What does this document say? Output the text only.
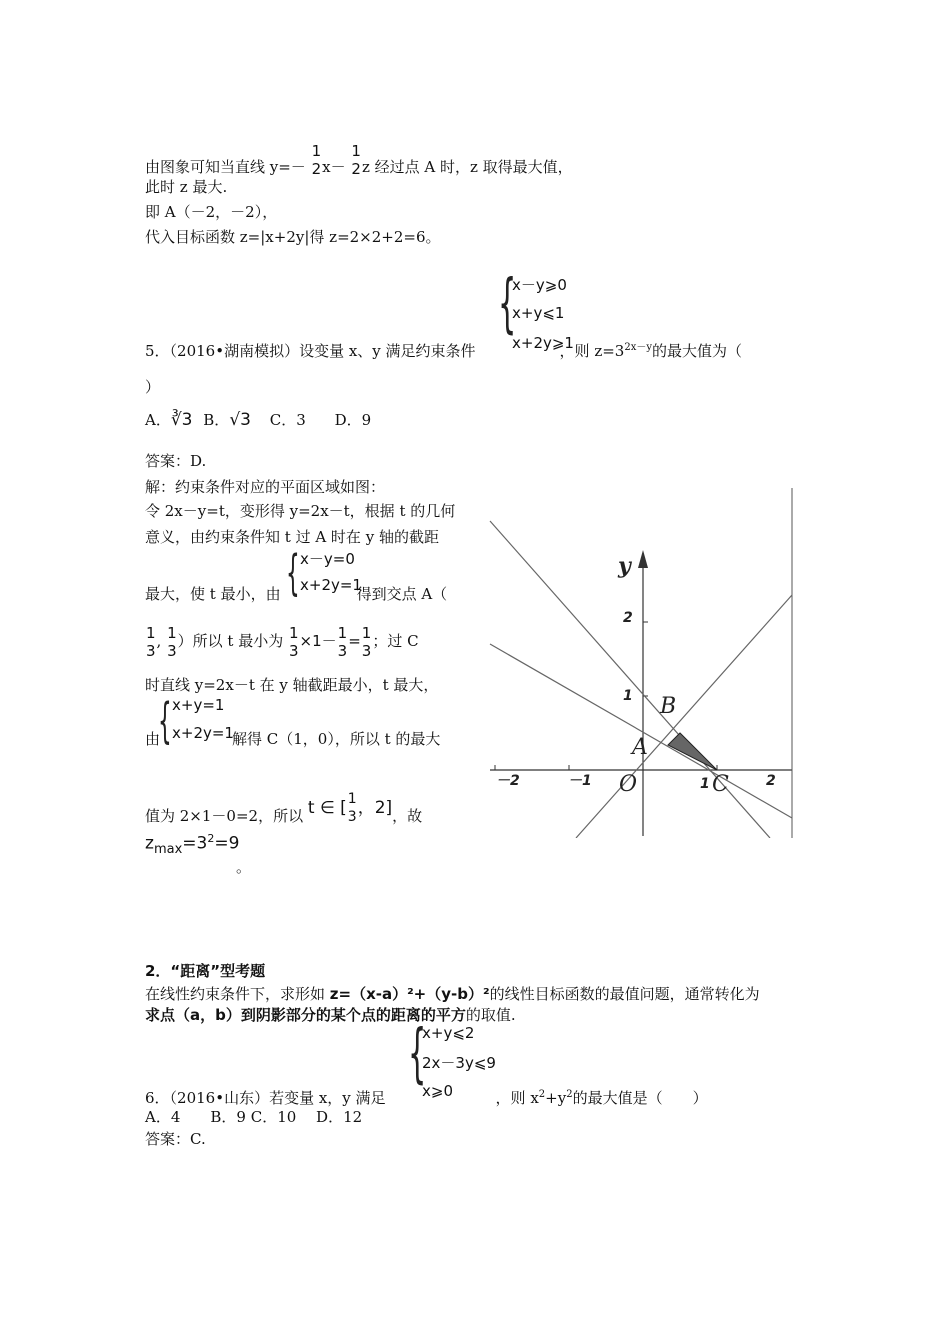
由图象可知当直线 y=－
1
2 x－
1
2 z 经过点 A 时，z 取得最大值，
此时 z 最大.
即 A（－2，－2），
代入目标函数 z=|x+2y|得 z=2×2+2=6。
{
x－y⩾0
x+y⩽1
x+2y⩾1
5．（2016•湖南模拟）设变量 x、y 满足约束条件	，则 $z=3^{2x-y}$的最大值为（
）
A．∛3 B．√3 C．3 D．9
答案：D.
解：约束条件对应的平面区域如图：
令 2x－y=t，变形得 y=2x－t，根据 t 的几何
意义，由约束条件知 t 过 A 时在 y 轴的截距
{ x－y=0
x+2y=1
最大，使 t 最小，由	得到交点 A（
1
3
, 1
3
）所以 t 最小为 1
3
×1－ 1
3
= 1
3
；过 C
时直线 y=2x－t 在 y 轴截距最小，t 最大，
{ x+y=1
x+2y=1
由	解得 C（1，0），所以 t 的最大
值为 2×1－0=2，所以 t ∈ [ 1
3 ，2]，故
$z_{max}=3^2=9$
。
y
2
1
－2	－1	2
B
A
O	1 C
2．“距离”型考题
在线性约束条件下，求形如 z=（x-a）²+（y-b）²的线性目标函数的最值问题，通常转化为
求点（a，b）到阴影部分的某个点的距离的平方的取值.
{
x+y⩽2
2x－3y⩽9
x⩾0
6．（2016•山东）若变量 x，y 满足	，则 $x^2+y^2$的最大值是（　　）
A．4　　B．9 C．10　 D．12
答案：C.
